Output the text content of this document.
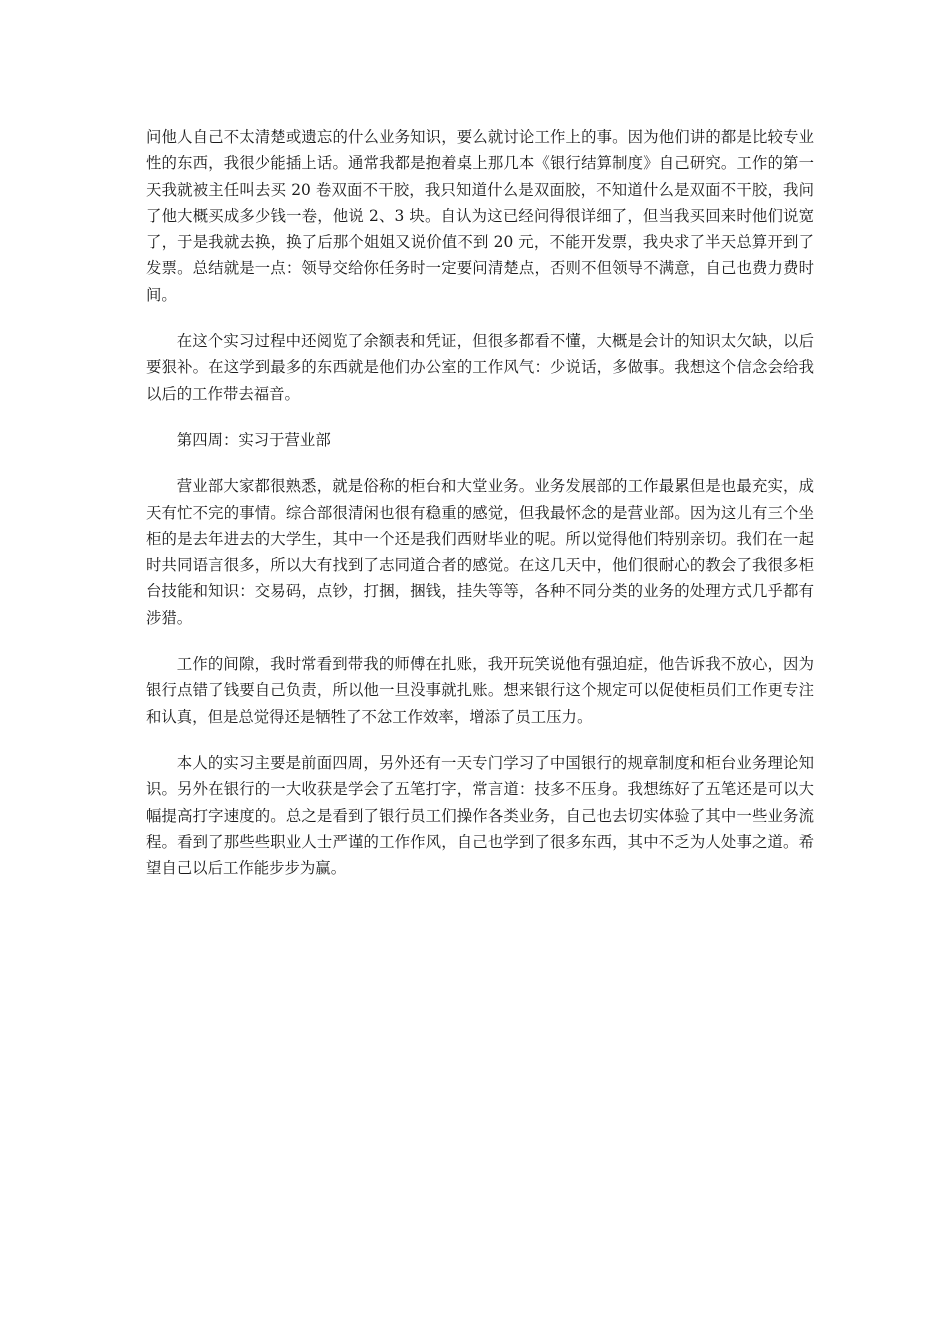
问他人自己不太清楚或遗忘的什么业务知识，要么就讨论工作上的事。因为他们讲的都是比较专业性的东西，我很少能插上话。通常我都是抱着桌上那几本《银行结算制度》自己研究。工作的第一天我就被主任叫去买 20 卷双面不干胶，我只知道什么是双面胶，不知道什么是双面不干胶，我问了他大概买成多少钱一卷，他说 2、3 块。自认为这已经问得很详细了，但当我买回来时他们说宽了，于是我就去换，换了后那个姐姐又说价值不到 20 元，不能开发票，我央求了半天总算开到了发票。总结就是一点：领导交给你任务时一定要问清楚点，否则不但领导不满意，自己也费力费时间。

在这个实习过程中还阅览了余额表和凭证，但很多都看不懂，大概是会计的知识太欠缺，以后要狠补。在这学到最多的东西就是他们办公室的工作风气：少说话，多做事。我想这个信念会给我以后的工作带去福音。

第四周：实习于营业部

营业部大家都很熟悉，就是俗称的柜台和大堂业务。业务发展部的工作最累但是也最充实，成天有忙不完的事情。综合部很清闲也很有稳重的感觉，但我最怀念的是营业部。因为这儿有三个坐柜的是去年进去的大学生，其中一个还是我们西财毕业的呢。所以觉得他们特别亲切。我们在一起时共同语言很多，所以大有找到了志同道合者的感觉。在这几天中，他们很耐心的教会了我很多柜台技能和知识：交易码，点钞，打捆，捆钱，挂失等等，各种不同分类的业务的处理方式几乎都有涉猎。

工作的间隙，我时常看到带我的师傅在扎账，我开玩笑说他有强迫症，他告诉我不放心，因为银行点错了钱要自己负责，所以他一旦没事就扎账。想来银行这个规定可以促使柜员们工作更专注和认真，但是总觉得还是牺牲了不忿工作效率，增添了员工压力。

本人的实习主要是前面四周，另外还有一天专门学习了中国银行的规章制度和柜台业务理论知识。另外在银行的一大收获是学会了五笔打字，常言道：技多不压身。我想练好了五笔还是可以大幅提高打字速度的。总之是看到了银行员工们操作各类业务，自己也去切实体验了其中一些业务流程。看到了那些些职业人士严谨的工作作风，自己也学到了很多东西，其中不乏为人处事之道。希望自己以后工作能步步为赢。
